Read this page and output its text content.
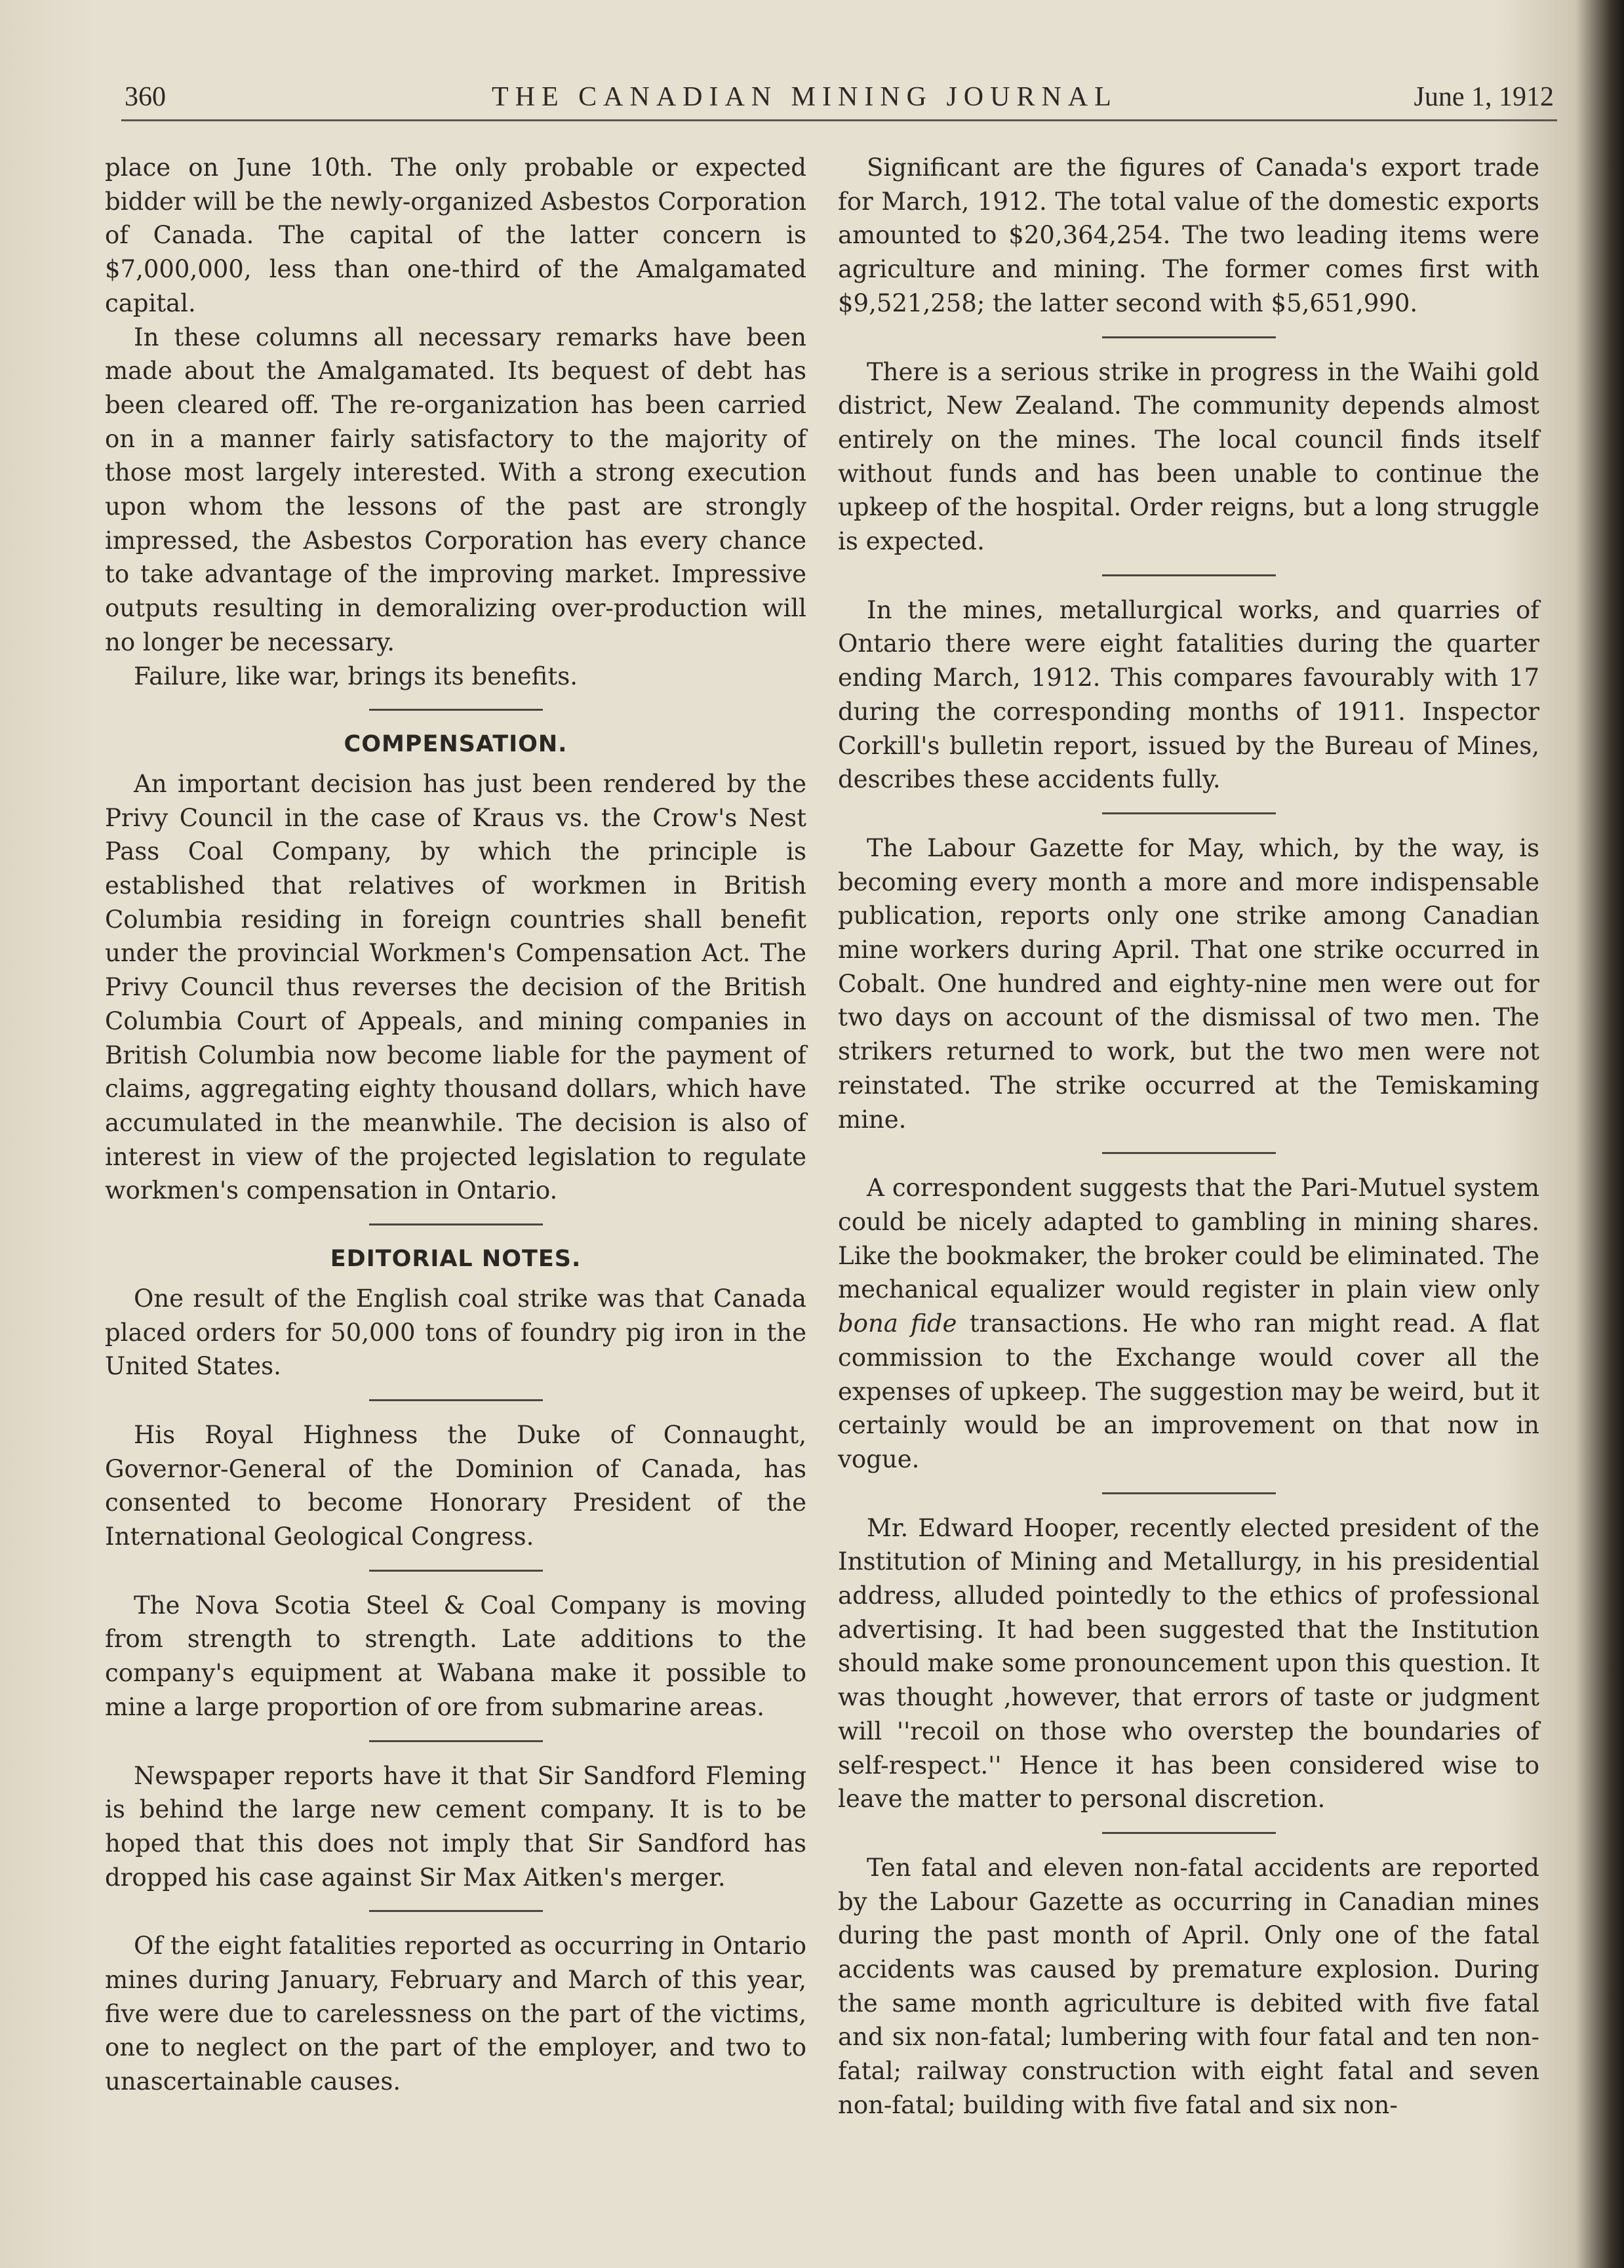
360	THE CANADIAN MINING JOURNAL	June 1, 1912

place on June 10th. The only probable or expected bidder will be the newly-organized Asbestos Corporation of Canada. The capital of the latter concern is $7,000,000, less than one-third of the Amalgamated capital.

In these columns all necessary remarks have been made about the Amalgamated. Its bequest of debt has been cleared off. The re-organization has been carried on in a manner fairly satisfactory to the majority of those most largely interested. With a strong execution upon whom the lessons of the past are strongly impressed, the Asbestos Corporation has every chance to take advantage of the improving market. Impressive outputs resulting in demoralizing over-production will no longer be necessary.

Failure, like war, brings its benefits.

COMPENSATION.

An important decision has just been rendered by the Privy Council in the case of Kraus vs. the Crow's Nest Pass Coal Company, by which the principle is established that relatives of workmen in British Columbia residing in foreign countries shall benefit under the provincial Workmen's Compensation Act. The Privy Council thus reverses the decision of the British Columbia Court of Appeals, and mining companies in British Columbia now become liable for the payment of claims, aggregating eighty thousand dollars, which have accumulated in the meanwhile. The decision is also of interest in view of the projected legislation to regulate workmen's compensation in Ontario.

EDITORIAL NOTES.

One result of the English coal strike was that Canada placed orders for 50,000 tons of foundry pig iron in the United States.

His Royal Highness the Duke of Connaught, Governor-General of the Dominion of Canada, has consented to become Honorary President of the International Geological Congress.

The Nova Scotia Steel & Coal Company is moving from strength to strength. Late additions to the company's equipment at Wabana make it possible to mine a large proportion of ore from submarine areas.

Newspaper reports have it that Sir Sandford Fleming is behind the large new cement company. It is to be hoped that this does not imply that Sir Sandford has dropped his case against Sir Max Aitken's merger.

Of the eight fatalities reported as occurring in Ontario mines during January, February and March of this year, five were due to carelessness on the part of the victims, one to neglect on the part of the employer, and two to unascertainable causes.

Significant are the figures of Canada's export trade for March, 1912. The total value of the domestic exports amounted to $20,364,254. The two leading items were agriculture and mining. The former comes first with $9,521,258; the latter second with $5,651,990.

There is a serious strike in progress in the Waihi gold district, New Zealand. The community depends almost entirely on the mines. The local council finds itself without funds and has been unable to continue the upkeep of the hospital. Order reigns, but a long struggle is expected.

In the mines, metallurgical works, and quarries of Ontario there were eight fatalities during the quarter ending March, 1912. This compares favourably with 17 during the corresponding months of 1911. Inspector Corkill's bulletin report, issued by the Bureau of Mines, describes these accidents fully.

The Labour Gazette for May, which, by the way, is becoming every month a more and more indispensable publication, reports only one strike among Canadian mine workers during April. That one strike occurred in Cobalt. One hundred and eighty-nine men were out for two days on account of the dismissal of two men. The strikers returned to work, but the two men were not reinstated. The strike occurred at the Temiskaming mine.

A correspondent suggests that the Pari-Mutuel system could be nicely adapted to gambling in mining shares. Like the bookmaker, the broker could be eliminated. The mechanical equalizer would register in plain view only bona fide transactions. He who ran might read. A flat commission to the Exchange would cover all the expenses of upkeep. The suggestion may be weird, but it certainly would be an improvement on that now in vogue.

Mr. Edward Hooper, recently elected president of the Institution of Mining and Metallurgy, in his presidential address, alluded pointedly to the ethics of professional advertising. It had been suggested that the Institution should make some pronouncement upon this question. It was thought ,however, that errors of taste or judgment will ''recoil on those who overstep the boundaries of self-respect.'' Hence it has been considered wise to leave the matter to personal discretion.

Ten fatal and eleven non-fatal accidents are reported by the Labour Gazette as occurring in Canadian mines during the past month of April. Only one of the fatal accidents was caused by premature explosion. During the same month agriculture is debited with five fatal and six non-fatal; lumbering with four fatal and ten non-fatal; railway construction with eight fatal and seven non-fatal; building with five fatal and six non-
